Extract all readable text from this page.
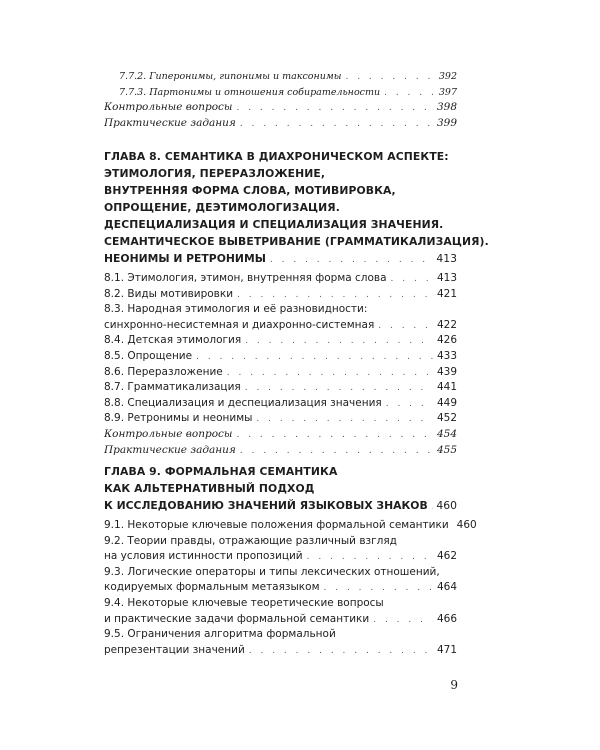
7.7.2. Гиперонимы, гипонимы и таксонимы . . .	392
7.7.3. Партонимы и отношения собирательности . . .	397
Контрольные вопросы . . .	398
Практические задания . . .	399
ГЛАВА 8. СЕМАНТИКА В ДИАХРОНИЧЕСКОМ АСПЕКТЕ:
ЭТИМОЛОГИЯ, ПЕРЕРАЗЛОЖЕНИЕ,
ВНУТРЕННЯЯ ФОРМА СЛОВА, МОТИВИРОВКА,
ОПРОЩЕНИЕ, ДЕЭТИМОЛОГИЗАЦИЯ.
ДЕСПЕЦИАЛИЗАЦИЯ И СПЕЦИАЛИЗАЦИЯ ЗНАЧЕНИЯ.
СЕМАНТИЧЕСКОЕ ВЫВЕТРИВАНИЕ (ГРАММАТИКАЛИЗАЦИЯ).
НЕОНИМЫ И РЕТРОНИМЫ . . .	413
8.1. Этимология, этимон, внутренняя форма слова . . .	413
8.2. Виды мотивировки . . .	421
8.3. Народная этимология и её разновидности:
синхронно-несистемная и диахронно-системная . . .	422
8.4. Детская этимология . . .	426
8.5. Опрощение . . .	433
8.6. Переразложение . . .	439
8.7. Грамматикализация . . .	441
8.8. Специализация и деспециализация значения . . .	449
8.9. Ретронимы и неонимы . . .	452
Контрольные вопросы . . .	454
Практические задания . . .	455
ГЛАВА 9. ФОРМАЛЬНАЯ СЕМАНТИКА
КАК АЛЬТЕРНАТИВНЫЙ ПОДХОД
К ИССЛЕДОВАНИЮ ЗНАЧЕНИЙ ЯЗЫКОВЫХ ЗНАКОВ . . . 460
9.1. Некоторые ключевые положения формальной семантики 460
9.2. Теории правды, отражающие различный взгляд
на условия истинности пропозиций . . .	462
9.3. Логические операторы и типы лексических отношений,
кодируемых формальным метаязыком . . .	464
9.4. Некоторые ключевые теоретические вопросы
и практические задачи формальной семантики . . .	466
9.5. Ограничения алгоритма формальной
репрезентации значений . . .	471
9
